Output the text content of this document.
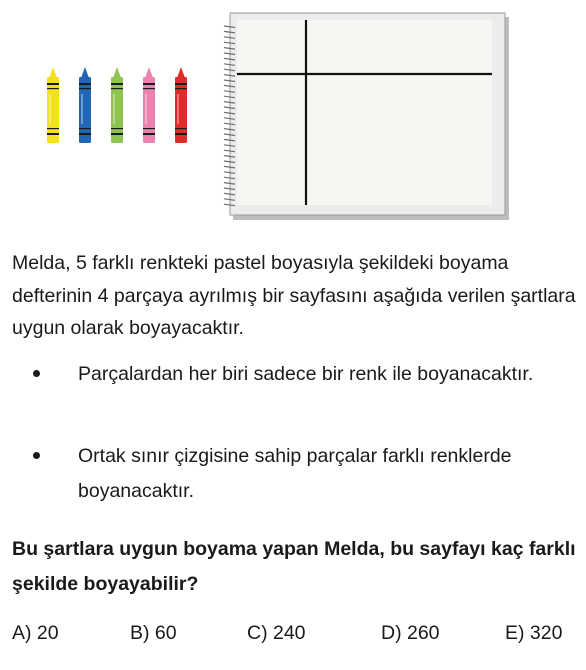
Melda, 5 farklı renkteki pastel boyasıyla şekildeki boyama defterinin 4 parçaya ayrılmış bir sayfasını aşağıda verilen şartlara uygun olarak boyayacaktır.

Parçalardan her biri sadece bir renk ile boyanacaktır.
Ortak sınır çizgisine sahip parçalar farklı renklerde boyanacaktır.

Bu şartlara uygun boyama yapan Melda, bu sayfayı kaç farklı şekilde boyayabilir?

A) 20	B) 60	C) 240	D) 260	E) 320
